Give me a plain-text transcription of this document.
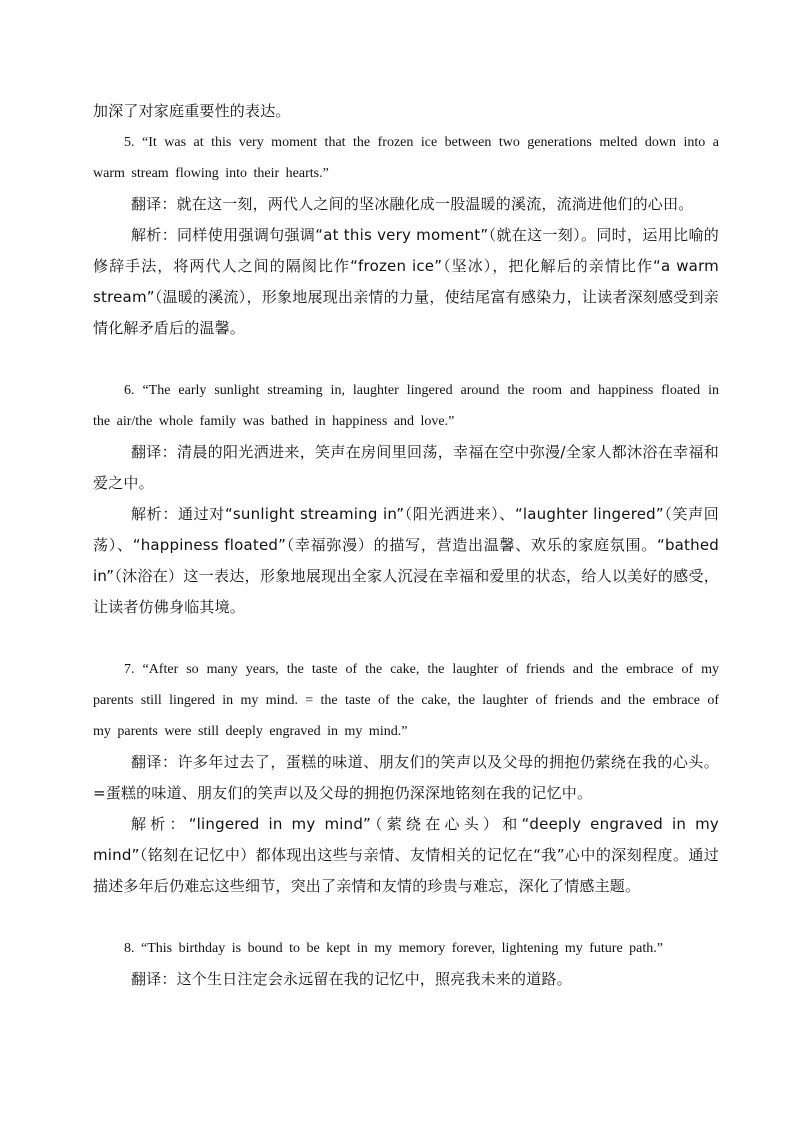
加深了对家庭重要性的表达。

5. “It was at this very moment that the frozen ice between two generations melted down into a warm stream flowing into their hearts.”

翻译：就在这一刻，两代人之间的坚冰融化成一股温暖的溪流，流淌进他们的心田。

解析：同样使用强调句强调“at this very moment”（就在这一刻）。同时，运用比喻的修辞手法，将两代人之间的隔阂比作“frozen ice”（坚冰），把化解后的亲情比作“a warm stream”（温暖的溪流），形象地展现出亲情的力量，使结尾富有感染力，让读者深刻感受到亲情化解矛盾后的温馨。

6. “The early sunlight streaming in, laughter lingered around the room and happiness floated in the air/the whole family was bathed in happiness and love.”

翻译：清晨的阳光洒进来，笑声在房间里回荡，幸福在空中弥漫/全家人都沐浴在幸福和爱之中。

解析：通过对“sunlight streaming in”（阳光洒进来）、“laughter lingered”（笑声回荡）、“happiness floated”（幸福弥漫）的描写，营造出温馨、欢乐的家庭氛围。“bathed in”（沐浴在）这一表达，形象地展现出全家人沉浸在幸福和爱里的状态，给人以美好的感受，让读者仿佛身临其境。

7. “After so many years, the taste of the cake, the laughter of friends and the embrace of my parents still lingered in my mind. = the taste of the cake, the laughter of friends and the embrace of my parents were still deeply engraved in my mind.”

翻译：许多年过去了，蛋糕的味道、朋友们的笑声以及父母的拥抱仍萦绕在我的心头。=蛋糕的味道、朋友们的笑声以及父母的拥抱仍深深地铭刻在我的记忆中。

解析：“lingered in my mind”（萦绕在心头）和“deeply engraved in my mind”（铭刻在记忆中）都体现出这些与亲情、友情相关的记忆在“我”心中的深刻程度。通过描述多年后仍难忘这些细节，突出了亲情和友情的珍贵与难忘，深化了情感主题。

8. “This birthday is bound to be kept in my memory forever, lightening my future path.”

翻译：这个生日注定会永远留在我的记忆中，照亮我未来的道路。
